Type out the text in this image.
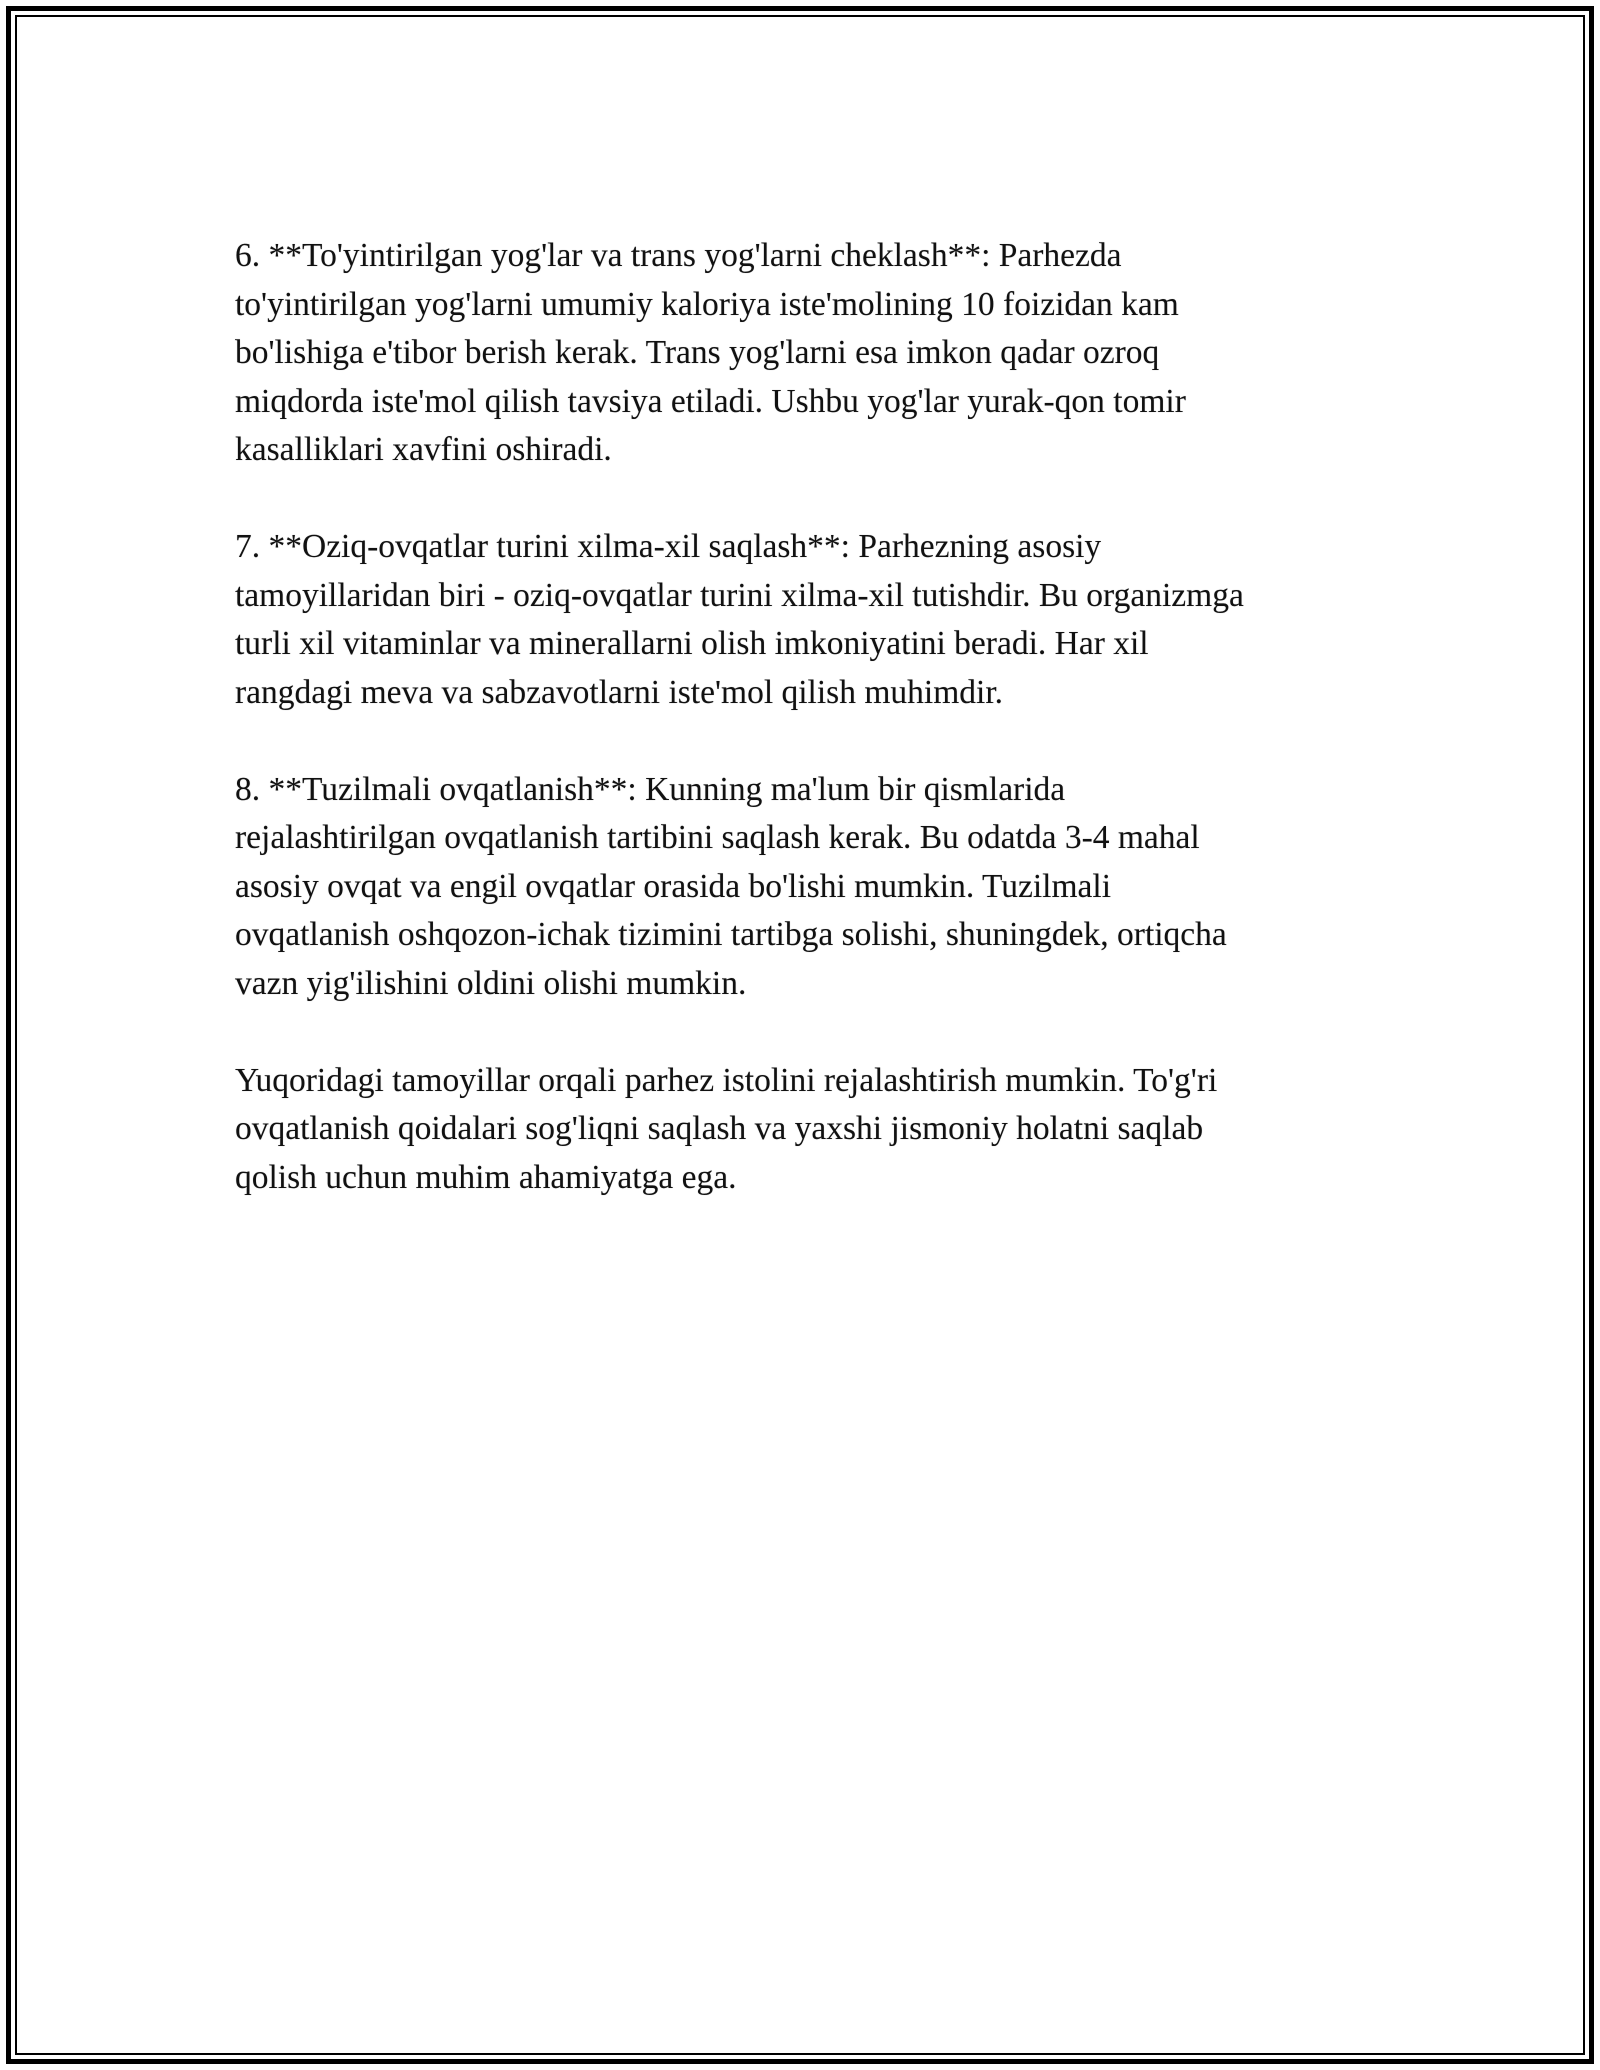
6. **To'yintirilgan yog'lar va trans yog'larni cheklash**: Parhezda
to'yintirilgan yog'larni umumiy kaloriya iste'molining 10 foizidan kam
bo'lishiga e'tibor berish kerak. Trans yog'larni esa imkon qadar ozroq
miqdorda iste'mol qilish tavsiya etiladi. Ushbu yog'lar yurak-qon tomir
kasalliklari xavfini oshiradi.

7. **Oziq-ovqatlar turini xilma-xil saqlash**: Parhezning asosiy
tamoyillaridan biri - oziq-ovqatlar turini xilma-xil tutishdir. Bu organizmga
turli xil vitaminlar va minerallarni olish imkoniyatini beradi. Har xil
rangdagi meva va sabzavotlarni iste'mol qilish muhimdir.

8. **Tuzilmali ovqatlanish**: Kunning ma'lum bir qismlarida
rejalashtirilgan ovqatlanish tartibini saqlash kerak. Bu odatda 3-4 mahal
asosiy ovqat va engil ovqatlar orasida bo'lishi mumkin. Tuzilmali
ovqatlanish oshqozon-ichak tizimini tartibga solishi, shuningdek, ortiqcha
vazn yig'ilishini oldini olishi mumkin.

Yuqoridagi tamoyillar orqali parhez istolini rejalashtirish mumkin. To'g'ri
ovqatlanish qoidalari sog'liqni saqlash va yaxshi jismoniy holatni saqlab
qolish uchun muhim ahamiyatga ega.
